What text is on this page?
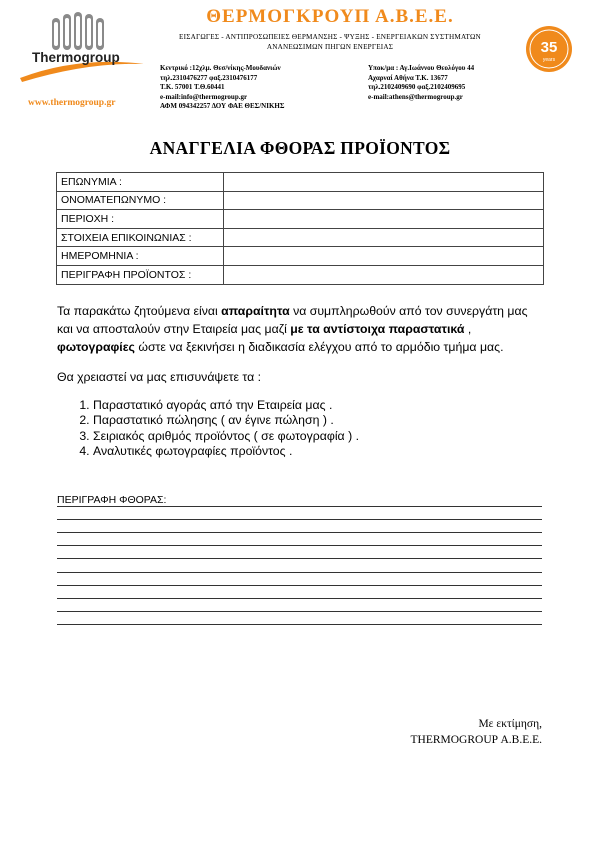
Thermogroup
www.thermogroup.gr
ΘΕΡΜΟΓΚΡΟΥΠ Α.Β.Ε.Ε.
ΕΙΣΑΓΩΓΕΣ - ΑΝΤΙΠΡΟΣΩΠΕΙΕΣ ΘΕΡΜΑΝΣΗΣ - ΨΥΞΗΣ - ΕΝΕΡΓΕΙΑΚΩΝ ΣΥΣΤΗΜΑΤΩΝ
ΑΝΑΝΕΩΣΙΜΩΝ ΠΗΓΩΝ ΕΝΕΡΓΕΙΑΣ
Κεντρικό :12χλμ. Θεσ/νίκης-Μουδανιών
τηλ.2310476277 φαξ.2310476177
Τ.Κ. 57001 Τ.Θ.60441
e-mail:info@thermogroup.gr
ΑΦΜ 094342257 ΔΟΥ ΦΑΕ ΘΕΣ/ΝΙΚΗΣ
Υποκ/μα : Αγ.Ιωάννου Θεολόγου 44
Αχαρναί Αθήνα Τ.Κ. 13677
τηλ.2102409690 φαξ.2102409695
e-mail:athens@thermogroup.gr
35
years
ΑΝΑΓΓΕΛΙΑ ΦΘΟΡΑΣ ΠΡΟΪΟΝΤΟΣ
ΕΠΩΝΥΜΙΑ :	
ΟΝΟΜΑΤΕΠΩΝΥΜΟ :	
ΠΕΡΙΟΧΗ :	
ΣΤΟΙΧΕΙΑ ΕΠΙΚΟΙΝΩΝΙΑΣ :	
ΗΜΕΡΟΜΗΝΙΑ :	
ΠΕΡΙΓΡΑΦΗ ΠΡΟΪΟΝΤΟΣ :	
Τα παρακάτω ζητούμενα είναι απαραίτητα να συμπληρωθούν από τον συνεργάτη μας και να αποσταλούν στην Εταιρεία μας μαζί με τα αντίστοιχα παραστατικά , φωτογραφίες ώστε να ξεκινήσει η διαδικασία ελέγχου από το αρμόδιο τμήμα μας.
Θα χρειαστεί να μας επισυνάψετε τα :
1. Παραστατικό αγοράς από την Εταιρεία μας .
2. Παραστατικό πώλησης ( αν έγινε πώληση ) .
3. Σειριακός αριθμός προϊόντος ( σε φωτογραφία ) .
4. Αναλυτικές φωτογραφίες προϊόντος .
ΠΕΡΙΓΡΑΦΗ ΦΘΟΡΑΣ:
Με εκτίμηση,
THERMOGROUP Α.Β.Ε.Ε.
